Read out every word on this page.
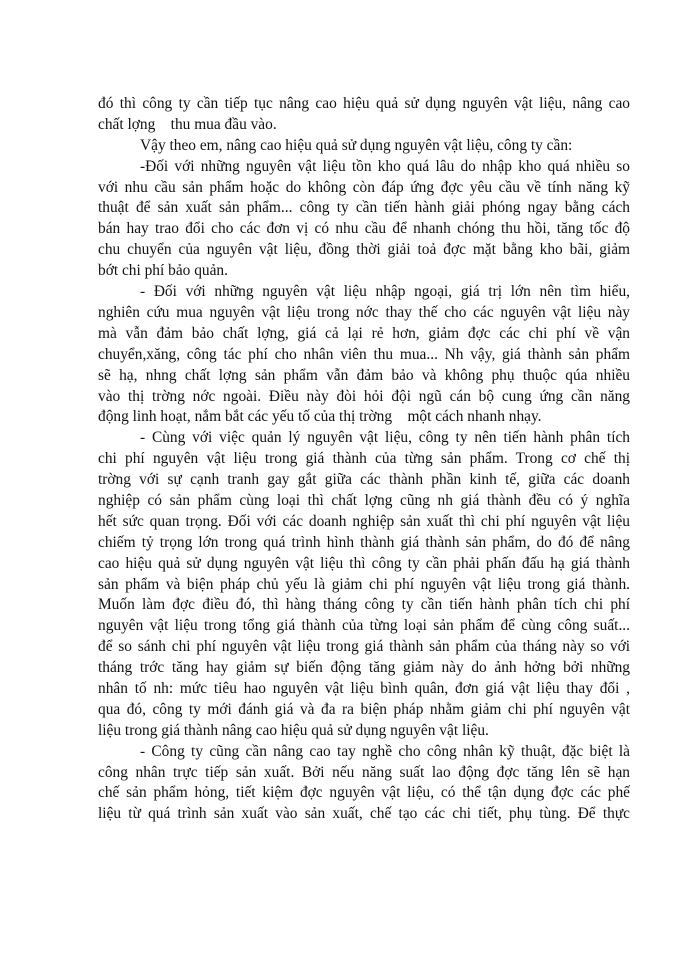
đó thì công ty cần tiếp tục nâng cao hiệu quả sử dụng nguyên vật liệu, nâng cao
chất lợng    thu mua đầu vào.
Vậy theo em, nâng cao hiệu quả sử dụng nguyên vật liệu, công ty cần:
-Đối với những nguyên vật liệu tồn kho quá lâu do nhập kho quá nhiều so
với nhu cầu sản phẩm hoặc do không còn đáp ứng đợc yêu cầu về tính năng kỹ
thuật để sản xuất sản phẩm... công ty cần tiến hành giải phóng ngay bằng cách
bán hay trao đổi cho các đơn vị có nhu cầu để nhanh chóng thu hồi, tăng tốc độ
chu chuyển của nguyên vật liệu, đồng thời giải toả đợc mặt bằng kho bãi, giảm
bớt chi phí bảo quản.
- Đối với những nguyên vật liệu nhập ngoại, giá trị lớn nên tìm hiểu,
nghiên cứu mua nguyên vật liệu trong nớc thay thế cho các nguyên vật liệu này
mà vẫn đảm bảo chất lợng, giá cả lại rẻ hơn, giảm đợc các chi phí về vận
chuyển,xăng, công tác phí cho nhân viên thu mua... Nh vậy, giá thành sản phẩm
sẽ hạ, nhng chất lợng sản phẩm vẫn đảm bảo và không phụ thuộc qúa nhiều
vào thị trờng nớc ngoài. Điều này đòi hỏi đội ngũ cán bộ cung ứng cần năng
động linh hoạt, nắm bắt các yếu tố của thị trờng    một cách nhanh nhạy.
- Cùng với việc quản lý nguyên vật liệu, công ty nên tiến hành phân tích
chi phí nguyên vật liệu trong giá thành của từng sản phẩm. Trong cơ chế thị
trờng với sự cạnh tranh gay gắt giữa các thành phần kinh tế, giữa các doanh
nghiệp có sản phẩm cùng loại thì chất lợng cũng nh giá thành đều có ý nghĩa
hết sức quan trọng. Đối với các doanh nghiệp sản xuất thì chi phí nguyên vật liệu
chiếm tỷ trọng lớn trong quá trình hình thành giá thành sản phẩm, do đó để nâng
cao hiệu quả sử dụng nguyên vật liệu thì công ty cần phải phấn đấu hạ giá thành
sản phẩm và biện pháp chủ yếu là giảm chi phí nguyên vật liệu trong giá thành.
Muốn làm đợc điều đó, thì hàng tháng công ty cần tiến hành phân tích chi phí
nguyên vật liệu trong tổng giá thành của từng loại sản phẩm để cùng công suất...
để so sánh chi phí nguyên vật liệu trong giá thành sản phẩm của tháng này so với
tháng trớc tăng hay giảm sự biến động tăng giảm này do ảnh hởng bởi những
nhân tố nh: mức tiêu hao nguyên vật liệu bình quân, đơn giá vật liệu thay đổi ,
qua đó, công ty mới đánh giá và đa ra biện pháp nhằm giảm chi phí nguyên vật
liệu trong giá thành nâng cao hiệu quả sử dụng nguyên vật liệu.
- Công ty cũng cần nâng cao tay nghề cho công nhân kỹ thuật, đặc biệt là
công nhân trực tiếp sản xuất. Bởi nếu năng suất lao động đợc tăng lên sẽ hạn
chế sản phẩm hỏng, tiết kiệm đợc nguyên vật liệu, có thể tận dụng đợc các phế
liệu từ quá trình sản xuất vào sản xuất, chế tạo các chi tiết, phụ tùng. Để thực
